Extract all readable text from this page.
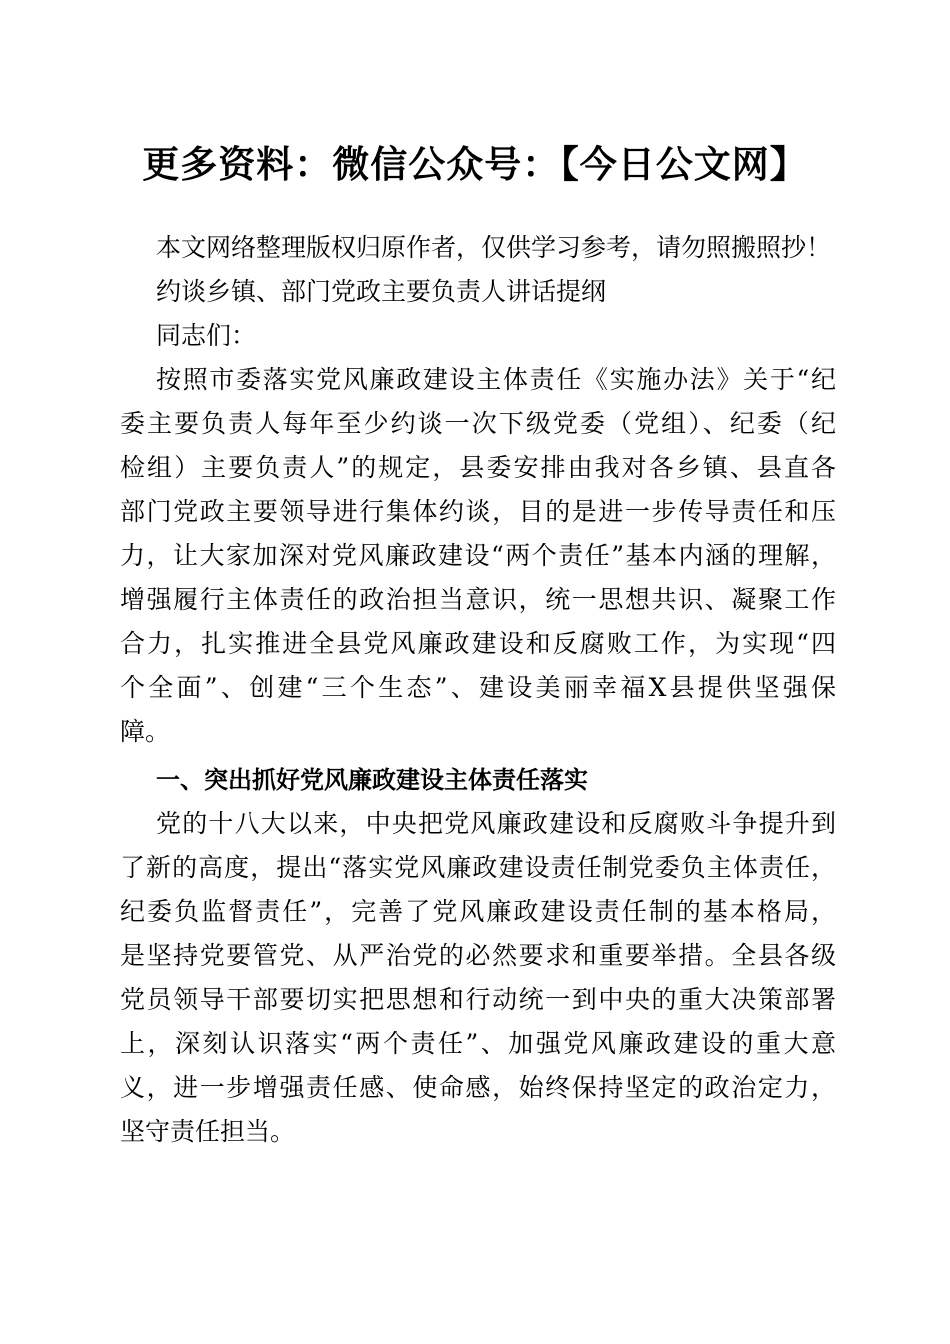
更多资料：微信公众号：【今日公文网】
本文网络整理版权归原作者，仅供学习参考，请勿照搬照抄！
约谈乡镇、部门党政主要负责人讲话提纲
同志们：
按照市委落实党风廉政建设主体责任《实施办法》关于“纪
委主要负责人每年至少约谈一次下级党委（党组）、纪委（纪
检组）主要负责人”的规定，县委安排由我对各乡镇、县直各
部门党政主要领导进行集体约谈，目的是进一步传导责任和压
力，让大家加深对党风廉政建设“两个责任”基本内涵的理解，
增强履行主体责任的政治担当意识，统一思想共识、凝聚工作
合力，扎实推进全县党风廉政建设和反腐败工作，为实现“四
个全面”、创建“三个生态”、建设美丽幸福X县提供坚强保
障。
一、突出抓好党风廉政建设主体责任落实
党的十八大以来，中央把党风廉政建设和反腐败斗争提升到
了新的高度，提出“落实党风廉政建设责任制党委负主体责任，
纪委负监督责任”，完善了党风廉政建设责任制的基本格局，
是坚持党要管党、从严治党的必然要求和重要举措。全县各级
党员领导干部要切实把思想和行动统一到中央的重大决策部署
上，深刻认识落实“两个责任”、加强党风廉政建设的重大意
义，进一步增强责任感、使命感，始终保持坚定的政治定力，
坚守责任担当。
